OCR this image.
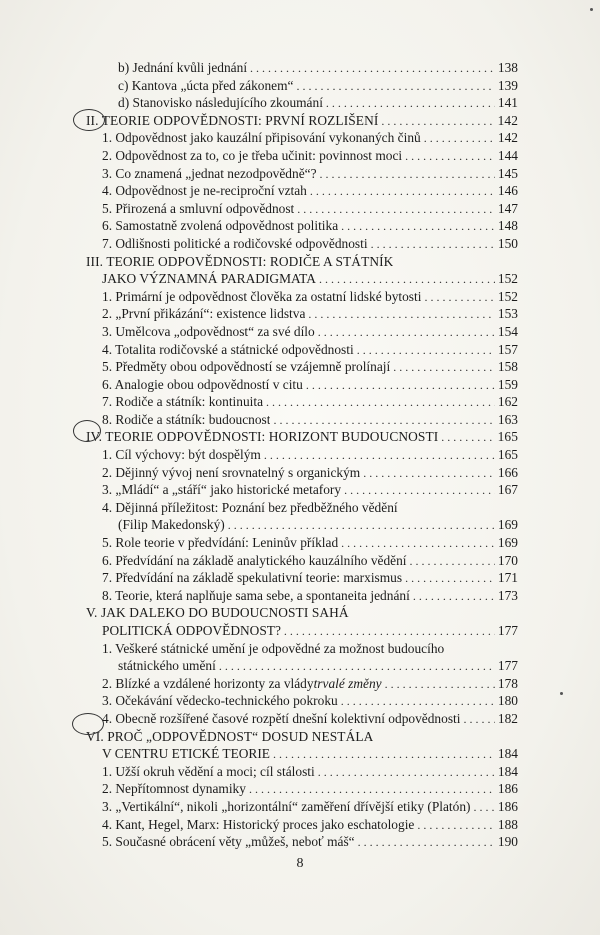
b) Jednání kvůli jednání . . .	138
c) Kantova „úcta před zákonem“ . . .	139
d) Stanovisko následujícího zkoumání . . .	141
II. TEORIE ODPOVĚDNOSTI: PRVNÍ ROZLIŠENÍ . . .	142
1. Odpovědnost jako kauzální připisování vykonaných činů . . .	142
2. Odpovědnost za to, co je třeba učinit: povinnost moci . . .	144
3. Co znamená „jednat nezodpovědně“? . . .	145
4. Odpovědnost je ne-reciproční vztah . . .	146
5. Přirozená a smluvní odpovědnost . . .	147
6. Samostatně zvolená odpovědnost politika . . .	148
7. Odlišnosti politické a rodičovské odpovědnosti . . .	150
III. TEORIE ODPOVĚDNOSTI: RODIČE A STÁTNÍK
JAKO VÝZNAMNÁ PARADIGMATA . . .	152
1. Primární je odpovědnost člověka za ostatní lidské bytosti . . .	152
2. „První přikázání“: existence lidstva . . .	153
3. Umělcova „odpovědnost“ za své dílo . . .	154
4. Totalita rodičovské a státnické odpovědnosti . . .	157
5. Předměty obou odpovědností se vzájemně prolínají . . .	158
6. Analogie obou odpovědností v citu . . .	159
7. Rodiče a státník: kontinuita . . .	162
8. Rodiče a státník: budoucnost . . .	163
IV. TEORIE ODPOVĚDNOSTI: HORIZONT BUDOUCNOSTI . . .	165
1. Cíl výchovy: být dospělým . . .	165
2. Dějinný vývoj není srovnatelný s organickým . . .	166
3. „Mládí“ a „stáří“ jako historické metafory . . .	167
4. Dějinná příležitost: Poznání bez předběžného vědění
(Filip Makedonský) . . .	169
5. Role teorie v předvídání: Leninův příklad . . .	169
6. Předvídání na základě analytického kauzálního vědění . . .	170
7. Předvídání na základě spekulativní teorie: marxismus . . .	171
8. Teorie, která naplňuje sama sebe, a spontaneita jednání . . .	173
V. JAK DALEKO DO BUDOUCNOSTI SAHÁ
POLITICKÁ ODPOVĚDNOST? . . .	177
1. Veškeré státnické umění je odpovědné za možnost budoucího
státnického umění . . .	177
2. Blízké a vzdálené horizonty za vlády trvalé změny . . .	178
3. Očekávání vědecko-technického pokroku . . .	180
4. Obecně rozšířené časové rozpětí dnešní kolektivní odpovědnosti . . .	182
VI. PROČ „ODPOVĚDNOST“ DOSUD NESTÁLA
V CENTRU ETICKÉ TEORIE . . .	184
1. Užší okruh vědění a moci; cíl stálosti . . .	184
2. Nepřítomnost dynamiky . . .	186
3. „Vertikální“, nikoli „horizontální“ zaměření dřívější etiky (Platón) . . . 186
4. Kant, Hegel, Marx: Historický proces jako eschatologie . . .	188
5. Současné obrácení věty „můžeš, neboť máš“ . . .	190
8
